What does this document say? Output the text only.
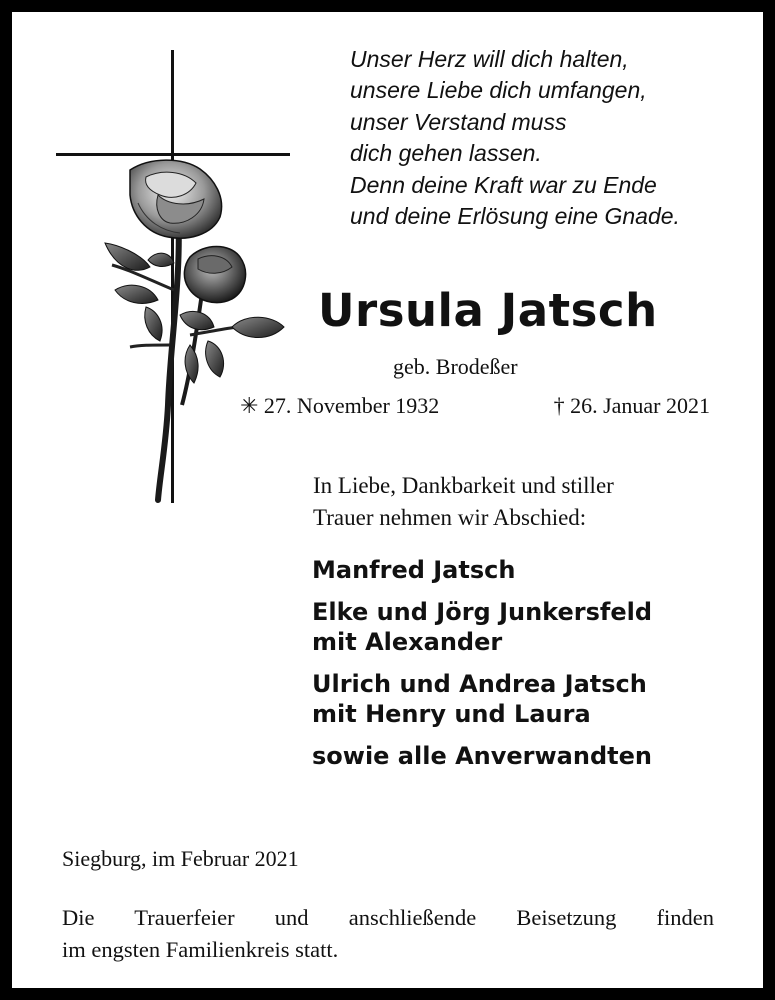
Unser Herz will dich halten,
unsere Liebe dich umfangen,
unser Verstand muss
dich gehen lassen.
Denn deine Kraft war zu Ende
und deine Erlösung eine Gnade.
Ursula Jatsch
geb. Brodeßer
✳ 27. November 1932	† 26. Januar 2021
In Liebe, Dankbarkeit und stiller
Trauer nehmen wir Abschied:
Manfred Jatsch
Elke und Jörg Junkersfeld
mit Alexander
Ulrich und Andrea Jatsch
mit Henry und Laura
sowie alle Anverwandten
Siegburg, im Februar 2021
Die Trauerfeier und anschließende Beisetzung finden
im engsten Familienkreis statt.
